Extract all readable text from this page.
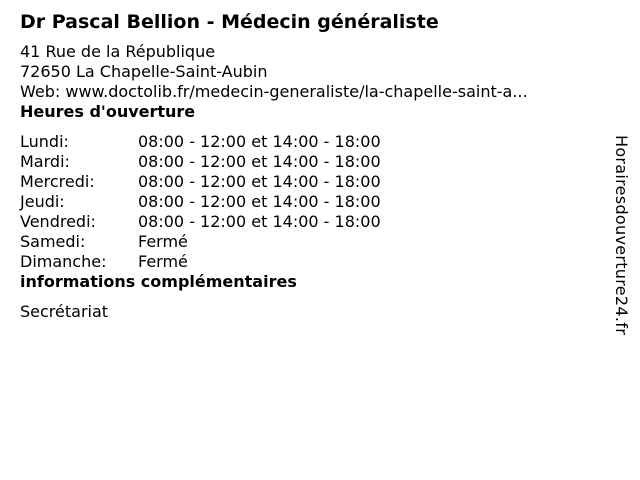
Dr Pascal Bellion - Médecin généraliste
41 Rue de la République
72650 La Chapelle-Saint-Aubin
Web: www.doctolib.fr/medecin-generaliste/la-chapelle-saint-a...
Heures d'ouverture
Lundi:	08:00 - 12:00 et 14:00 - 18:00
Mardi:	08:00 - 12:00 et 14:00 - 18:00
Mercredi:	08:00 - 12:00 et 14:00 - 18:00
Jeudi:	08:00 - 12:00 et 14:00 - 18:00
Vendredi:	08:00 - 12:00 et 14:00 - 18:00
Samedi:	Fermé
Dimanche:	Fermé
informations complémentaires
Secrétariat	Horairesdouverture24.fr
